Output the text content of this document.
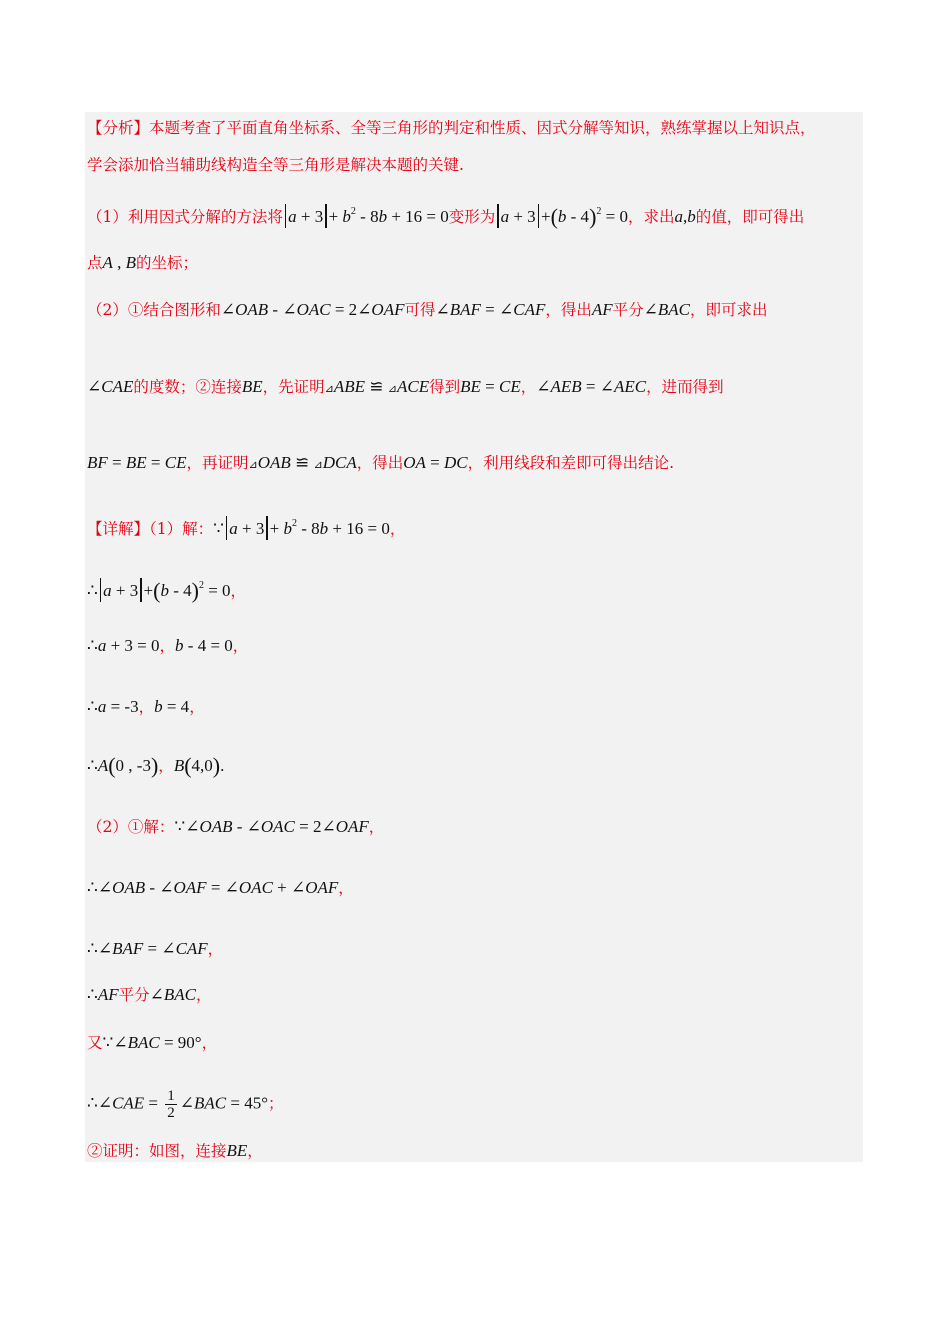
【分析】本题考查了平面直角坐标系、全等三角形的判定和性质、因式分解等知识，熟练掌握以上知识点，
学会添加恰当辅助线构造全等三角形是解决本题的关键.
（1）利用因式分解的方法将 $a + 3 + b^2 - 8b + 16 = 0$变形为 a + 3 +(b - 4)$^2$ = 0，求出a,b的值，即可得出
点A , B的坐标；
（2）①结合图形和∠OAB - ∠OAC = 2∠OAF可得∠BAF = ∠CAF，得出AF平分∠BAC，即可求出
∠CAE的度数；②连接BE，先证明⊿ABE ≌ ⊿ACE得到BE = CE，∠AEB = ∠AEC，进而得到
BF = BE = CE，再证明⊿OAB ≌ ⊿DCA，得出OA = DC，利用线段和差即可得出结论.
【详解】（1）解：∵ $a + 3 + b^2 - 8b + 16 = 0$，
∴ a + 3 +(b - 4)$^2$ = 0，
∴a + 3 = 0，b - 4 = 0，
∴a = -3，b = 4，
∴A(0 , -3)，B(4,0).
（2）①解：∵∠OAB - ∠OAC = 2∠OAF，
∴∠OAB - ∠OAF = ∠OAC + ∠OAF，
∴∠BAF = ∠CAF，
∴AF平分∠BAC，
又∵∠BAC = 90°，
∴∠CAE = $\frac{1}{2}$ ∠BAC = 45°；
②证明：如图，连接BE，
